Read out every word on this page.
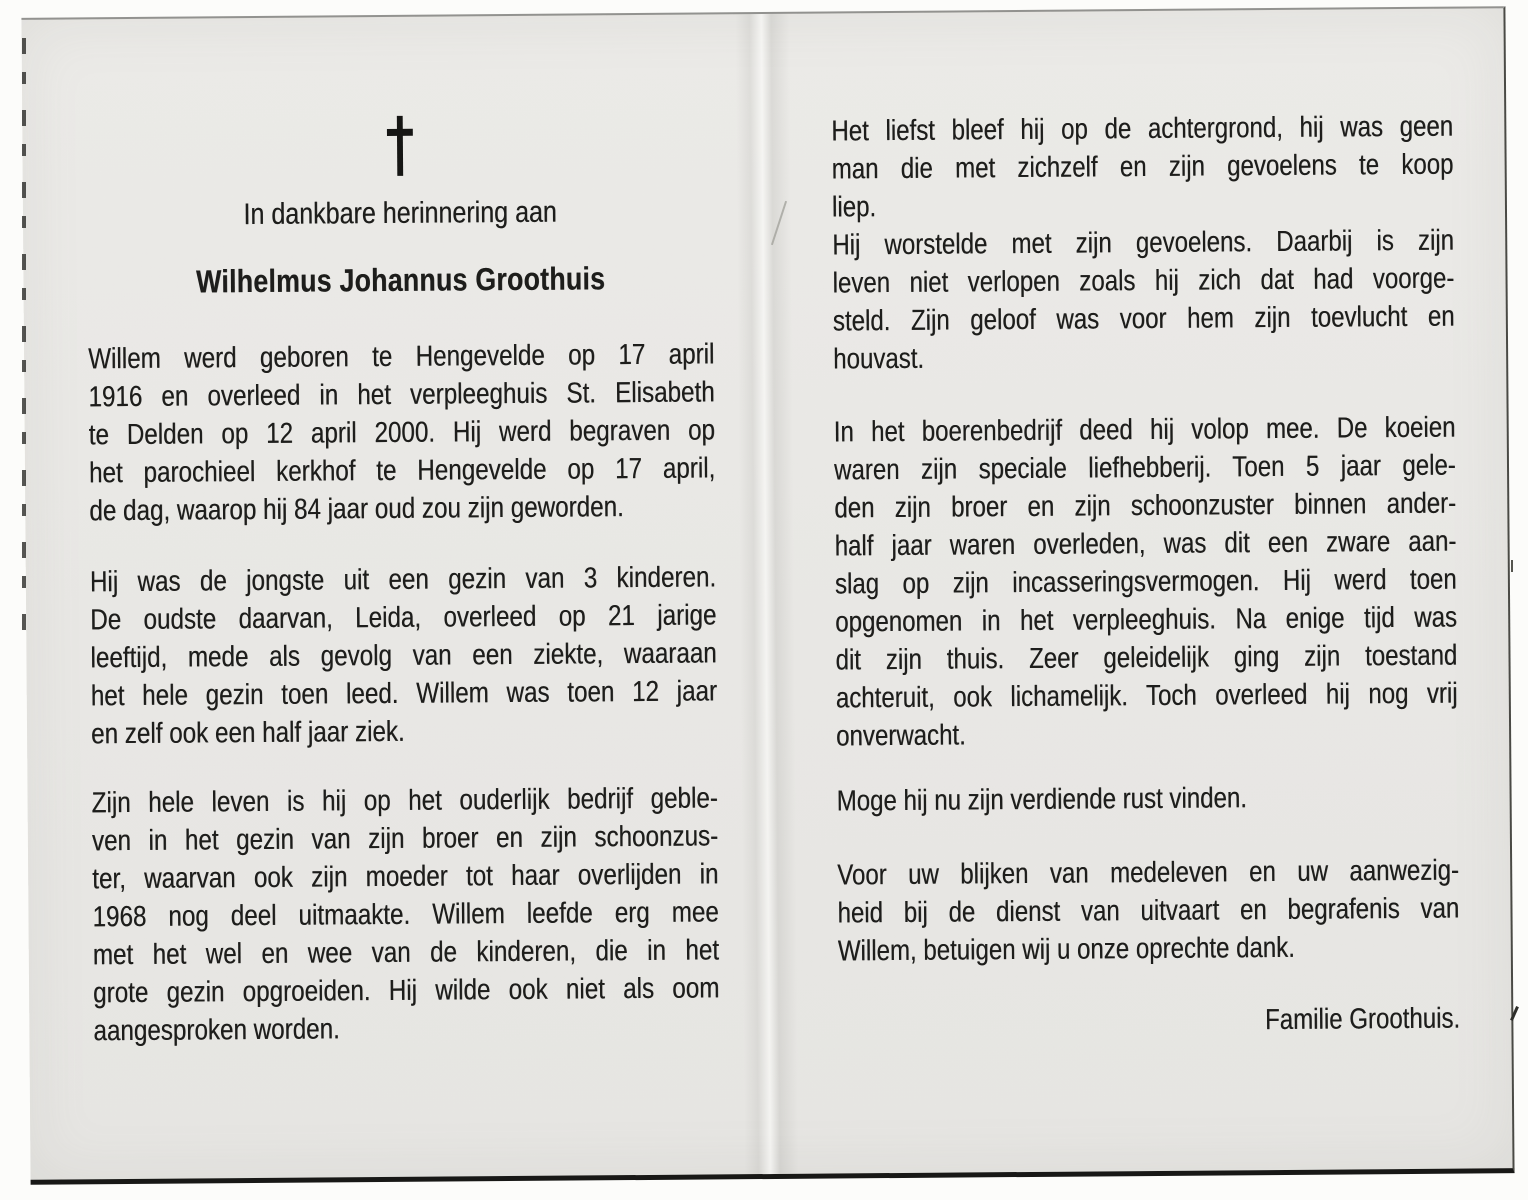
In dankbare herinnering aan
Wilhelmus Johannus Groothuis
Willem werd geboren te Hengevelde op 17 april
1916 en overleed in het verpleeghuis St. Elisabeth
te Delden op 12 april 2000. Hij werd begraven op
het parochieel kerkhof te Hengevelde op 17 april,
de dag, waarop hij 84 jaar oud zou zijn geworden.
Hij was de jongste uit een gezin van 3 kinderen.
De oudste daarvan, Leida, overleed op 21 jarige
leeftijd, mede als gevolg van een ziekte, waaraan
het hele gezin toen leed. Willem was toen 12 jaar
en zelf ook een half jaar ziek.
Zijn hele leven is hij op het ouderlijk bedrijf geble-
ven in het gezin van zijn broer en zijn schoonzus-
ter, waarvan ook zijn moeder tot haar overlijden in
1968 nog deel uitmaakte. Willem leefde erg mee
met het wel en wee van de kinderen, die in het
grote gezin opgroeiden. Hij wilde ook niet als oom
aangesproken worden.
Het liefst bleef hij op de achtergrond, hij was geen
man die met zichzelf en zijn gevoelens te koop
liep.
Hij worstelde met zijn gevoelens. Daarbij is zijn
leven niet verlopen zoals hij zich dat had voorge-
steld. Zijn geloof was voor hem zijn toevlucht en
houvast.
In het boerenbedrijf deed hij volop mee. De koeien
waren zijn speciale liefhebberij. Toen 5 jaar gele-
den zijn broer en zijn schoonzuster binnen ander-
half jaar waren overleden, was dit een zware aan-
slag op zijn incasseringsvermogen. Hij werd toen
opgenomen in het verpleeghuis. Na enige tijd was
dit zijn thuis. Zeer geleidelijk ging zijn toestand
achteruit, ook lichamelijk. Toch overleed hij nog vrij
onverwacht.
Moge hij nu zijn verdiende rust vinden.
Voor uw blijken van medeleven en uw aanwezig-
heid bij de dienst van uitvaart en begrafenis van
Willem, betuigen wij u onze oprechte dank.
Familie Groothuis.
